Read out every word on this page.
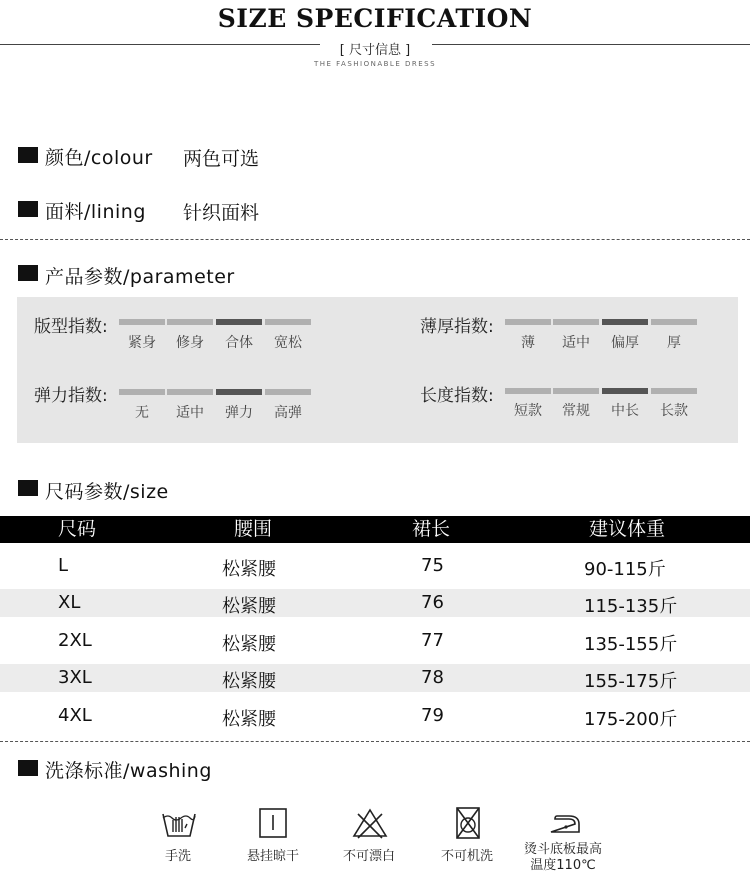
SIZE SPECIFICATION
[ 尺寸信息 ]
THE FASHIONABLE DRESS
颜色/colour 两色可选
面料/lining 针织面料
产品参数/parameter
版型指数:
紧身	修身	合体	宽松
薄厚指数:
薄	适中	偏厚	厚
弹力指数:
无	适中	弹力	高弹
长度指数:
短款	常规	中长	长款
尺码参数/size
尺码	腰围	裙长	建议体重
L	松紧腰	75	90-115斤
XL	松紧腰	76	115-135斤
2XL	松紧腰	77	135-155斤
3XL	松紧腰	78	155-175斤
4XL	松紧腰	79	175-200斤
洗涤标准/washing
手洗	悬挂晾干	不可漂白	不可机洗	烫斗底板最高
温度110℃
